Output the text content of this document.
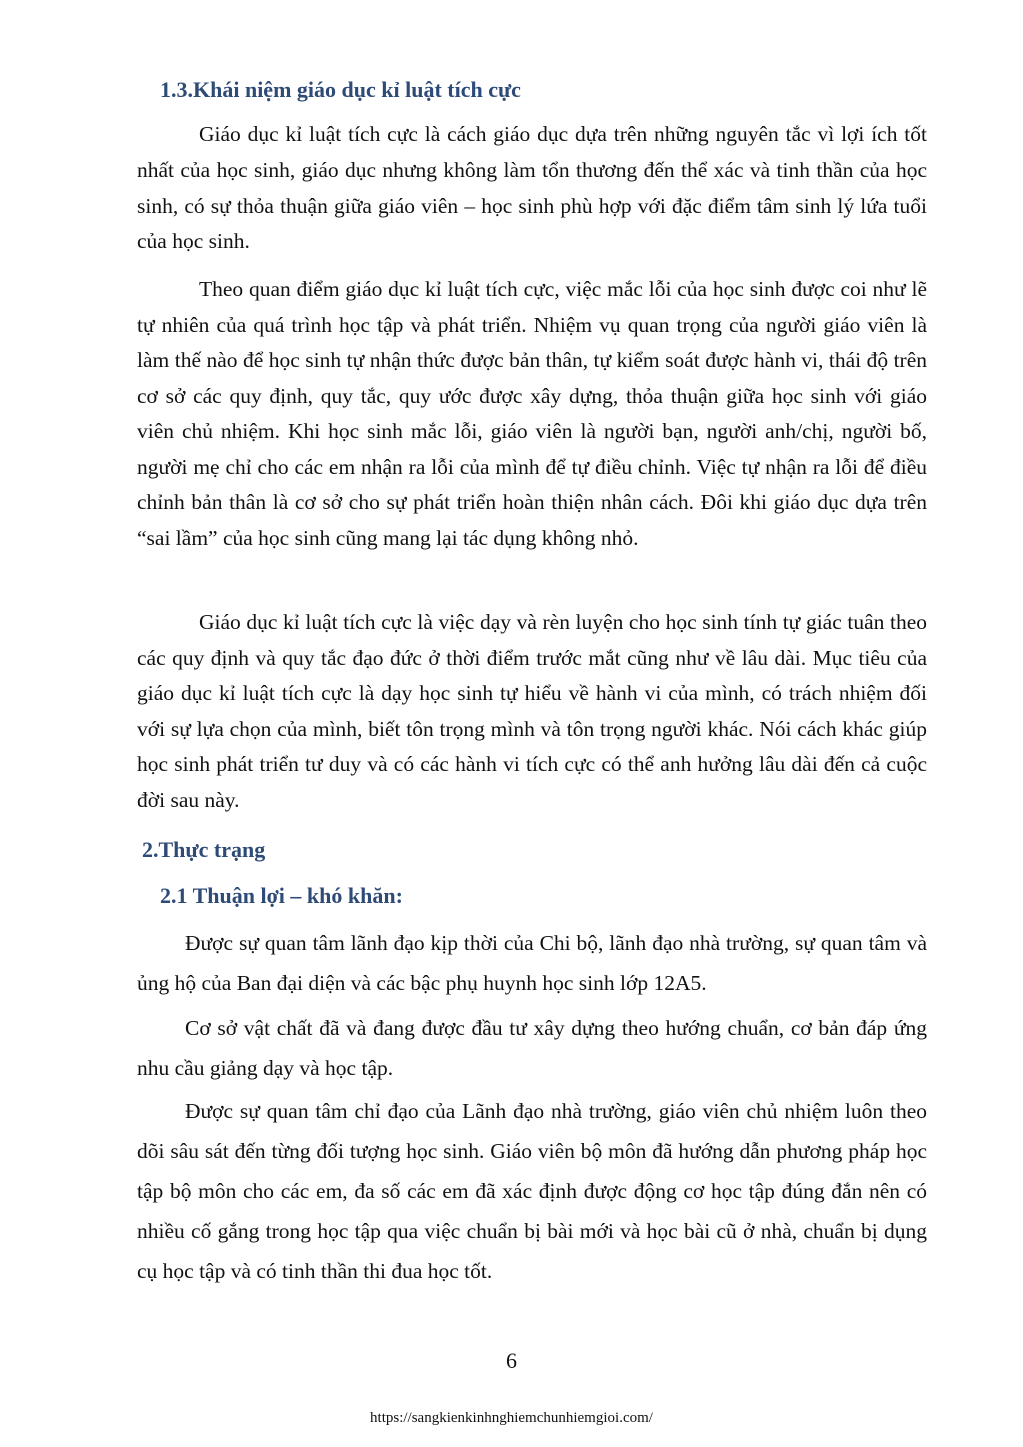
1.3.Khái niệm giáo dục kỉ luật tích cực

Giáo dục kỉ luật tích cực là cách giáo dục dựa trên những nguyên tắc vì lợi ích tốt nhất của học sinh, giáo dục nhưng không làm tổn thương đến thể xác và tinh thần của học sinh, có sự thỏa thuận giữa giáo viên – học sinh phù hợp với đặc điểm tâm sinh lý lứa tuổi của học sinh.

Theo quan điểm giáo dục kỉ luật tích cực, việc mắc lỗi của học sinh được coi như lẽ tự nhiên của quá trình học tập và phát triển. Nhiệm vụ quan trọng của người giáo viên là làm thế nào để học sinh tự nhận thức được bản thân, tự kiểm soát được hành vi, thái độ trên cơ sở các quy định, quy tắc, quy ước được xây dựng, thỏa thuận giữa học sinh với giáo viên chủ nhiệm. Khi học sinh mắc lỗi, giáo viên là người bạn, người anh/chị, người bố, người mẹ chỉ cho các em nhận ra lỗi của mình để tự điều chỉnh. Việc tự nhận ra lỗi để điều chỉnh bản thân là cơ sở cho sự phát triển hoàn thiện nhân cách. Đôi khi giáo dục dựa trên “sai lầm” của học sinh cũng mang lại tác dụng không nhỏ.

Giáo dục kỉ luật tích cực là việc dạy và rèn luyện cho học sinh tính tự giác tuân theo các quy định và quy tắc đạo đức ở thời điểm trước mắt cũng như về lâu dài. Mục tiêu của giáo dục kỉ luật tích cực là dạy học sinh tự hiểu về hành vi của mình, có trách nhiệm đối với sự lựa chọn của mình, biết tôn trọng mình và tôn trọng người khác. Nói cách khác giúp học sinh phát triển tư duy và có các hành vi tích cực có thể anh hưởng lâu dài đến cả cuộc đời sau này.

2.Thực trạng
2.1 Thuận lợi – khó khăn:

Được sự quan tâm lãnh đạo kịp thời của Chi bộ, lãnh đạo nhà trường, sự quan tâm và ủng hộ của Ban đại diện và các bậc phụ huynh học sinh lớp 12A5.

Cơ sở vật chất đã và đang được đầu tư xây dựng theo hướng chuẩn, cơ bản đáp ứng nhu cầu giảng dạy và học tập.

Được sự quan tâm chỉ đạo của Lãnh đạo nhà trường, giáo viên chủ nhiệm luôn theo dõi sâu sát đến từng đối tượng học sinh. Giáo viên bộ môn đã hướng dẫn phương pháp học tập bộ môn cho các em, đa số các em đã xác định được động cơ học tập đúng đắn nên có nhiều cố gắng trong học tập qua việc chuẩn bị bài mới và học bài cũ ở nhà, chuẩn bị dụng cụ học tập và có tinh thần thi đua học tốt.

6
https://sangkienkinhnghiemchunhiemgioi.com/
